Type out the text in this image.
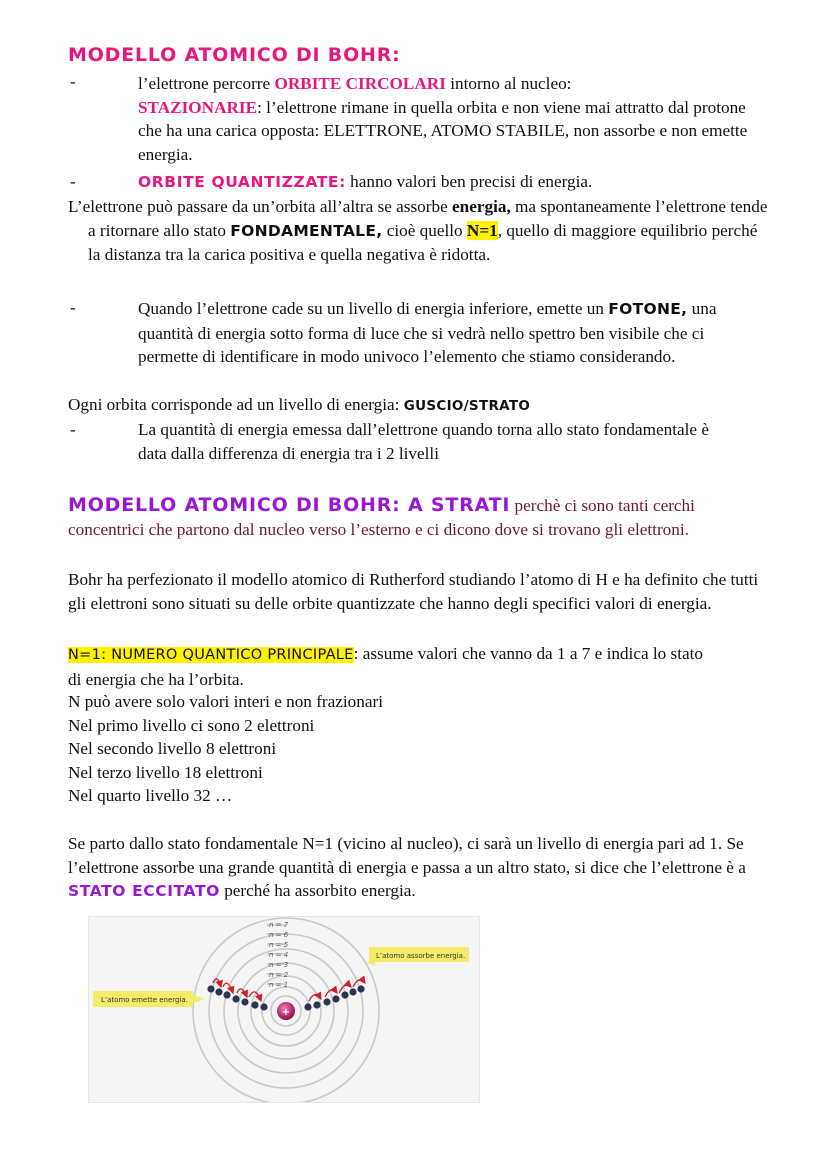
MODELLO ATOMICO DI BOHR:
-	l’elettrone percorre ORBITE CIRCOLARI intorno al nucleo:
STAZIONARIE: l’elettrone rimane in quella orbita e non viene mai attratto dal protone che ha una carica opposta: ELETTRONE, ATOMO STABILE, non assorbe e non emette energia.
-	ORBITE QUANTIZZATE: hanno valori ben precisi di energia.
L’elettrone può passare da un’orbita all’altra se assorbe energia, ma spontaneamente l’elettrone tende a ritornare allo stato FONDAMENTALE, cioè quello N=1, quello di maggiore equilibrio perché la distanza tra la carica positiva e quella negativa è ridotta.
-	Quando l’elettrone cade su un livello di energia inferiore, emette un FOTONE, una quantità di energia sotto forma di luce che si vedrà nello spettro ben visibile che ci permette di identificare in modo univoco l’elemento che stiamo considerando.
Ogni orbita corrisponde ad un livello di energia: GUSCIO/STRATO
-	La quantità di energia emessa dall’elettrone quando torna allo stato fondamentale è data dalla differenza di energia tra i 2 livelli
MODELLO ATOMICO DI BOHR: A STRATI perchè ci sono tanti cerchi concentrici che partono dal nucleo verso l’esterno e ci dicono dove si trovano gli elettroni.
Bohr ha perfezionato il modello atomico di Rutherford studiando l’atomo di H e ha definito che tutti gli elettroni sono situati su delle orbite quantizzate che hanno degli specifici valori di energia.
N=1: NUMERO QUANTICO PRINCIPALE: assume valori che vanno da 1 a 7 e indica lo stato di energia che ha l’orbita.
N può avere solo valori interi e non frazionari
Nel primo livello ci sono 2 elettroni
Nel secondo livello 8 elettroni
Nel terzo livello 18 elettroni
Nel quarto livello 32 …
Se parto dallo stato fondamentale N=1 (vicino al nucleo), ci sarà un livello di energia pari ad 1. Se l’elettrone assorbe una grande quantità di energia e passa a un altro stato, si dice che l’elettrone è a STATO ECCITATO perché ha assorbito energia.
n = 7
n = 6
n = 5
n = 4
n = 3
n = 2
n = 1
+
L’atomo emette energia.
L’atomo assorbe energia.
